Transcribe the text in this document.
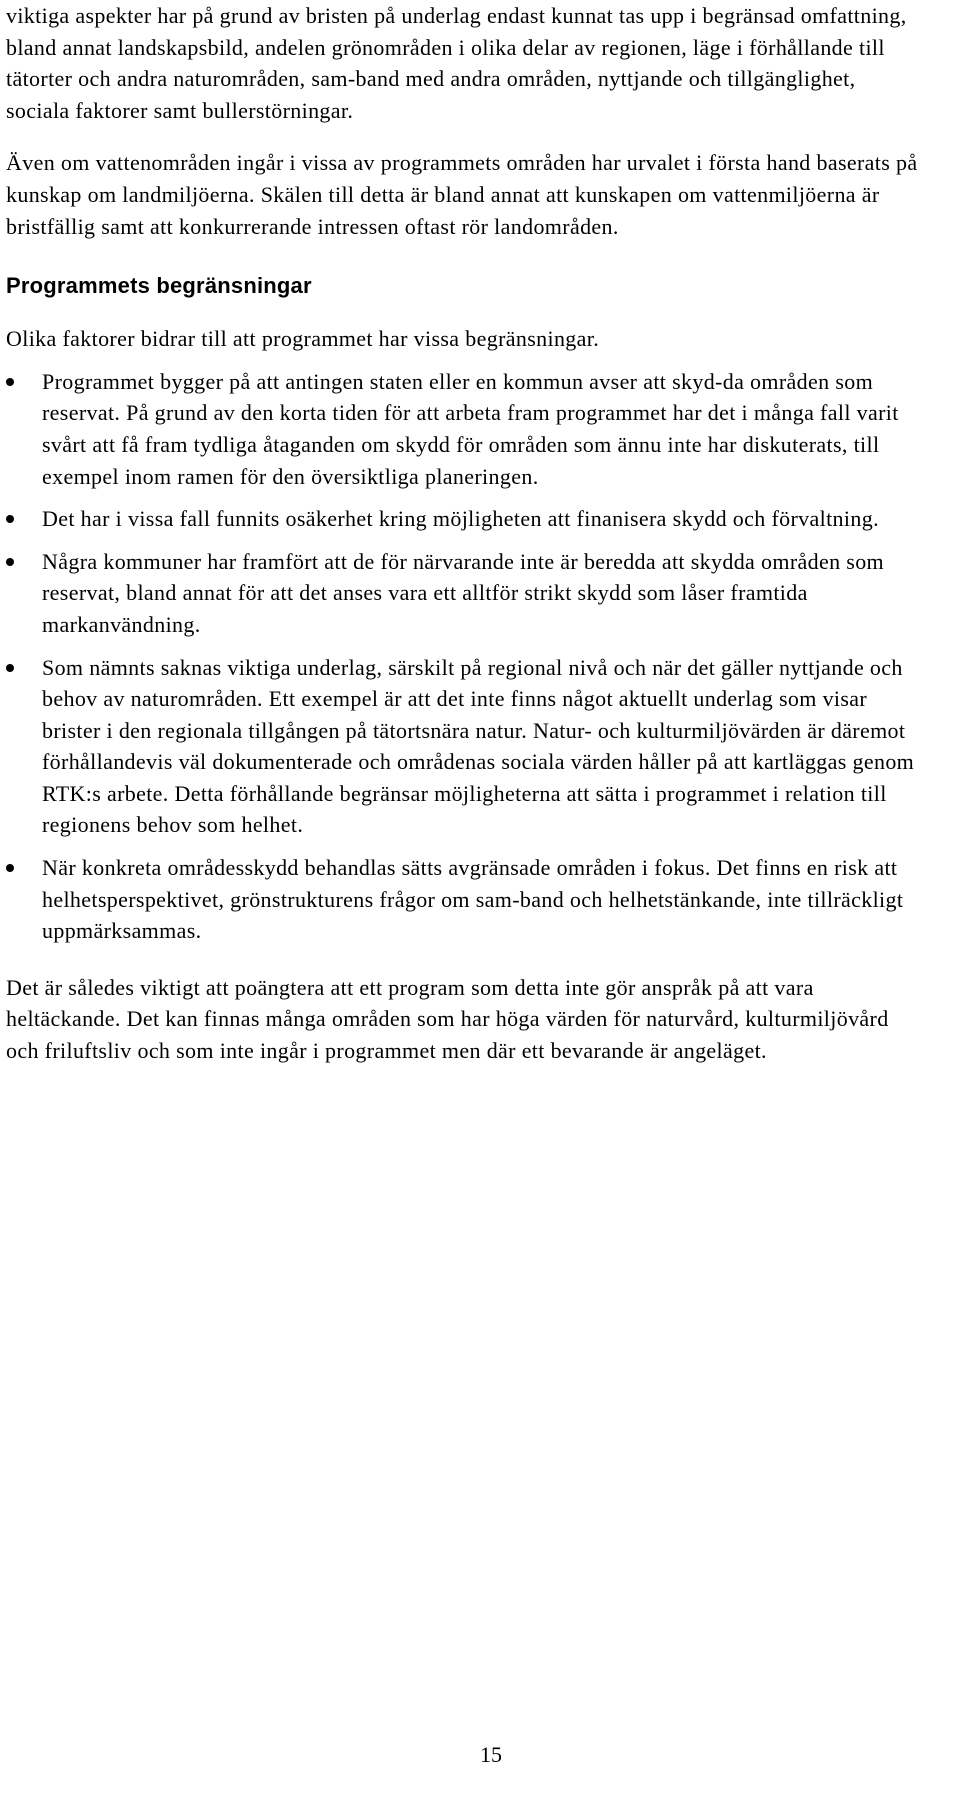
viktiga aspekter har på grund av bristen på underlag endast kunnat tas upp i begränsad omfattning, bland annat landskapsbild, andelen grönområden i olika delar av regionen, läge i förhållande till tätorter och andra naturområden, sam-band med andra områden, nyttjande och tillgänglighet, sociala faktorer samt bullerstörningar.

Även om vattenområden ingår i vissa av programmets områden har urvalet i första hand baserats på kunskap om landmiljöerna. Skälen till detta är bland annat att kunskapen om vattenmiljöerna är bristfällig samt att konkurrerande intressen oftast rör landområden.

Programmets begränsningar

Olika faktorer bidrar till att programmet har vissa begränsningar.

Programmet bygger på att antingen staten eller en kommun avser att skyd-da områden som reservat. På grund av den korta tiden för att arbeta fram programmet har det i många fall varit svårt att få fram tydliga åtaganden om skydd för områden som ännu inte har diskuterats, till exempel inom ramen för den översiktliga planeringen.
Det har i vissa fall funnits osäkerhet kring möjligheten att finanisera skydd och förvaltning.
Några kommuner har framfört att de för närvarande inte är beredda att skydda områden som reservat, bland annat för att det anses vara ett alltför strikt skydd som låser framtida markanvändning.
Som nämnts saknas viktiga underlag, särskilt på regional nivå och när det gäller nyttjande och behov av naturområden. Ett exempel är att det inte finns något aktuellt underlag som visar brister i den regionala tillgången på tätortsnära natur. Natur- och kulturmiljövärden är däremot förhållandevis väl dokumenterade och områdenas sociala värden håller på att kartläggas genom RTK:s arbete. Detta förhållande begränsar möjligheterna att sätta i programmet i relation till regionens behov som helhet.
När konkreta områdesskydd behandlas sätts avgränsade områden i fokus. Det finns en risk att helhetsperspektivet, grönstrukturens frågor om sam-band och helhetstänkande, inte tillräckligt uppmärksammas.

Det är således viktigt att poängtera att ett program som detta inte gör anspråk på att vara heltäckande. Det kan finnas många områden som har höga värden för naturvård, kulturmiljövård och friluftsliv och som inte ingår i programmet men där ett bevarande är angeläget.

15
